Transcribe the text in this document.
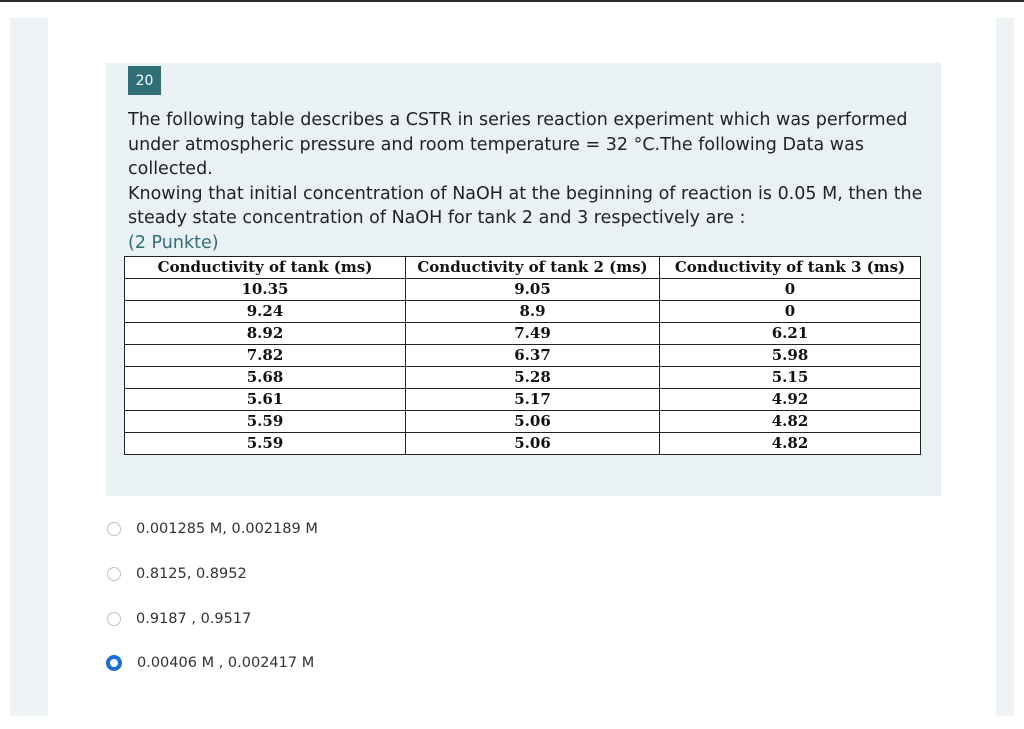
20

The following table describes a CSTR in series reaction experiment which was performed

under atmospheric pressure and room temperature = 32 °C.The following Data was collected.

Knowing that initial concentration of NaOH at the beginning of reaction is 0.05 M, then the

steady state concentration of NaOH for tank 2 and 3 respectively are :

(2 Punkte)

Conductivity of tank (ms)	Conductivity of tank 2 (ms)	Conductivity of tank 3 (ms)
10.35	9.05	0
9.24	8.9	0
8.92	7.49	6.21
7.82	6.37	5.98
5.68	5.28	5.15
5.61	5.17	4.92
5.59	5.06	4.82
5.59	5.06	4.82
0.001285 M, 0.002189 M
0.8125, 0.8952
0.9187 , 0.9517
0.00406 M , 0.002417 M
